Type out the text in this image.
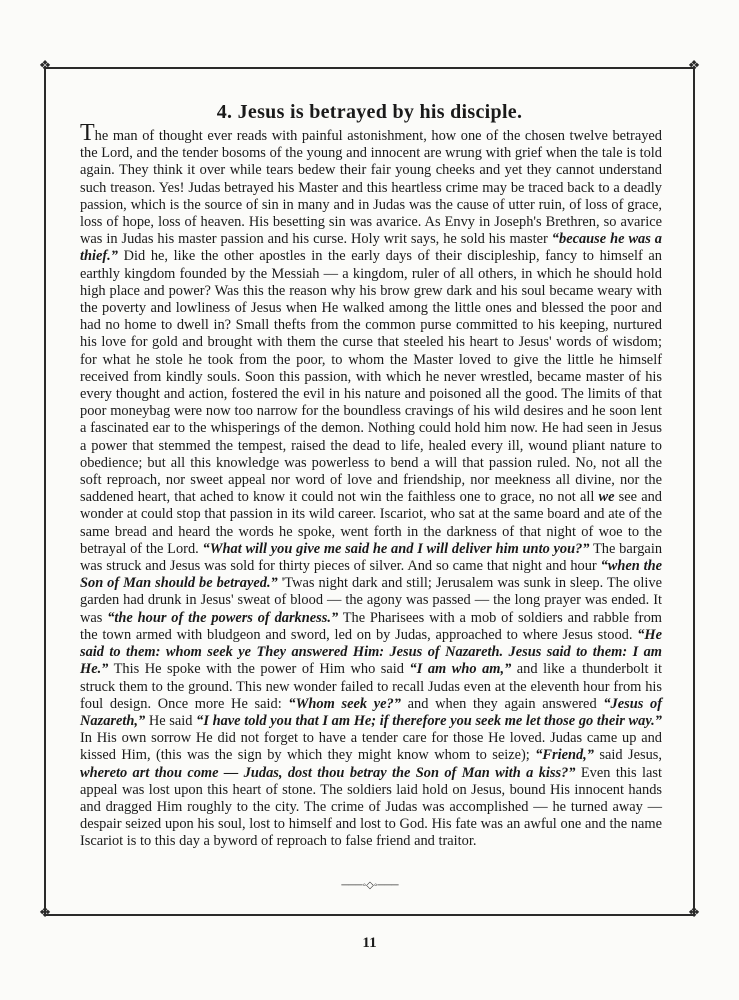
❖	❖
❖	❖
4. Jesus is betrayed by his disciple.

The man of thought ever reads with painful astonishment, how one of the chosen twelve betrayed the Lord, and the tender bosoms of the young and innocent are wrung with grief when the tale is told again. They think it over while tears bedew their fair young cheeks and yet they cannot understand such treason. Yes! Judas betrayed his Master and this heartless crime may be traced back to a deadly passion, which is the source of sin in many and in Judas was the cause of utter ruin, of loss of grace, loss of hope, loss of heaven. His besetting sin was avarice. As Envy in Joseph's Brethren, so avarice was in Judas his master passion and his curse. Holy writ says, he sold his master “because he was a thief.” Did he, like the other apostles in the early days of their discipleship, fancy to himself an earthly kingdom founded by the Messiah — a kingdom, ruler of all others, in which he should hold high place and power? Was this the reason why his brow grew dark and his soul became weary with the poverty and lowliness of Jesus when He walked among the little ones and blessed the poor and had no home to dwell in? Small thefts from the common purse committed to his keeping, nurtured his love for gold and brought with them the curse that steeled his heart to Jesus' words of wisdom; for what he stole he took from the poor, to whom the Master loved to give the little he himself received from kindly souls. Soon this passion, with which he never wrestled, became master of his every thought and action, fostered the evil in his nature and poisoned all the good. The limits of that poor moneybag were now too narrow for the boundless cravings of his wild desires and he soon lent a fascinated ear to the whisperings of the demon. Nothing could hold him now. He had seen in Jesus a power that stemmed the tempest, raised the dead to life, healed every ill, wound pliant nature to obedience; but all this knowledge was powerless to bend a will that passion ruled. No, not all the soft reproach, nor sweet appeal nor word of love and friendship, nor meekness all divine, nor the saddened heart, that ached to know it could not win the faithless one to grace, no not all we see and wonder at could stop that passion in its wild career. Iscariot, who sat at the same board and ate of the same bread and heard the words he spoke, went forth in the darkness of that night of woe to the betrayal of the Lord. “What will you give me said he and I will deliver him unto you?” The bargain was struck and Jesus was sold for thirty pieces of silver. And so came that night and hour “when the Son of Man should be betrayed.” 'Twas night dark and still; Jerusalem was sunk in sleep. The olive garden had drunk in Jesus' sweat of blood — the agony was passed — the long prayer was ended. It was “the hour of the powers of darkness.” The Pharisees with a mob of soldiers and rabble from the town armed with bludgeon and sword, led on by Judas, approached to where Jesus stood. “He said to them: whom seek ye They answered Him: Jesus of Nazareth. Jesus said to them: I am He.” This He spoke with the power of Him who said “I am who am,” and like a thunderbolt it struck them to the ground. This new wonder failed to recall Judas even at the eleventh hour from his foul design. Once more He said: “Whom seek ye?” and when they again answered “Jesus of Nazareth,” He said “I have told you that I am He; if therefore you seek me let those go their way.” In His own sorrow He did not forget to have a tender care for those He loved. Judas came up and kissed Him, (this was the sign by which they might know whom to seize); “Friend,” said Jesus, whereto art thou come — Judas, dost thou betray the Son of Man with a kiss?” Even this last appeal was lost upon this heart of stone. The soldiers laid hold on Jesus, bound His innocent hands and dragged Him roughly to the city. The crime of Judas was accomplished — he turned away — despair seized upon his soul, lost to himself and lost to God. His fate was an awful one and the name Iscariot is to this day a byword of reproach to false friend and traitor.

───◦◇◦───
11
